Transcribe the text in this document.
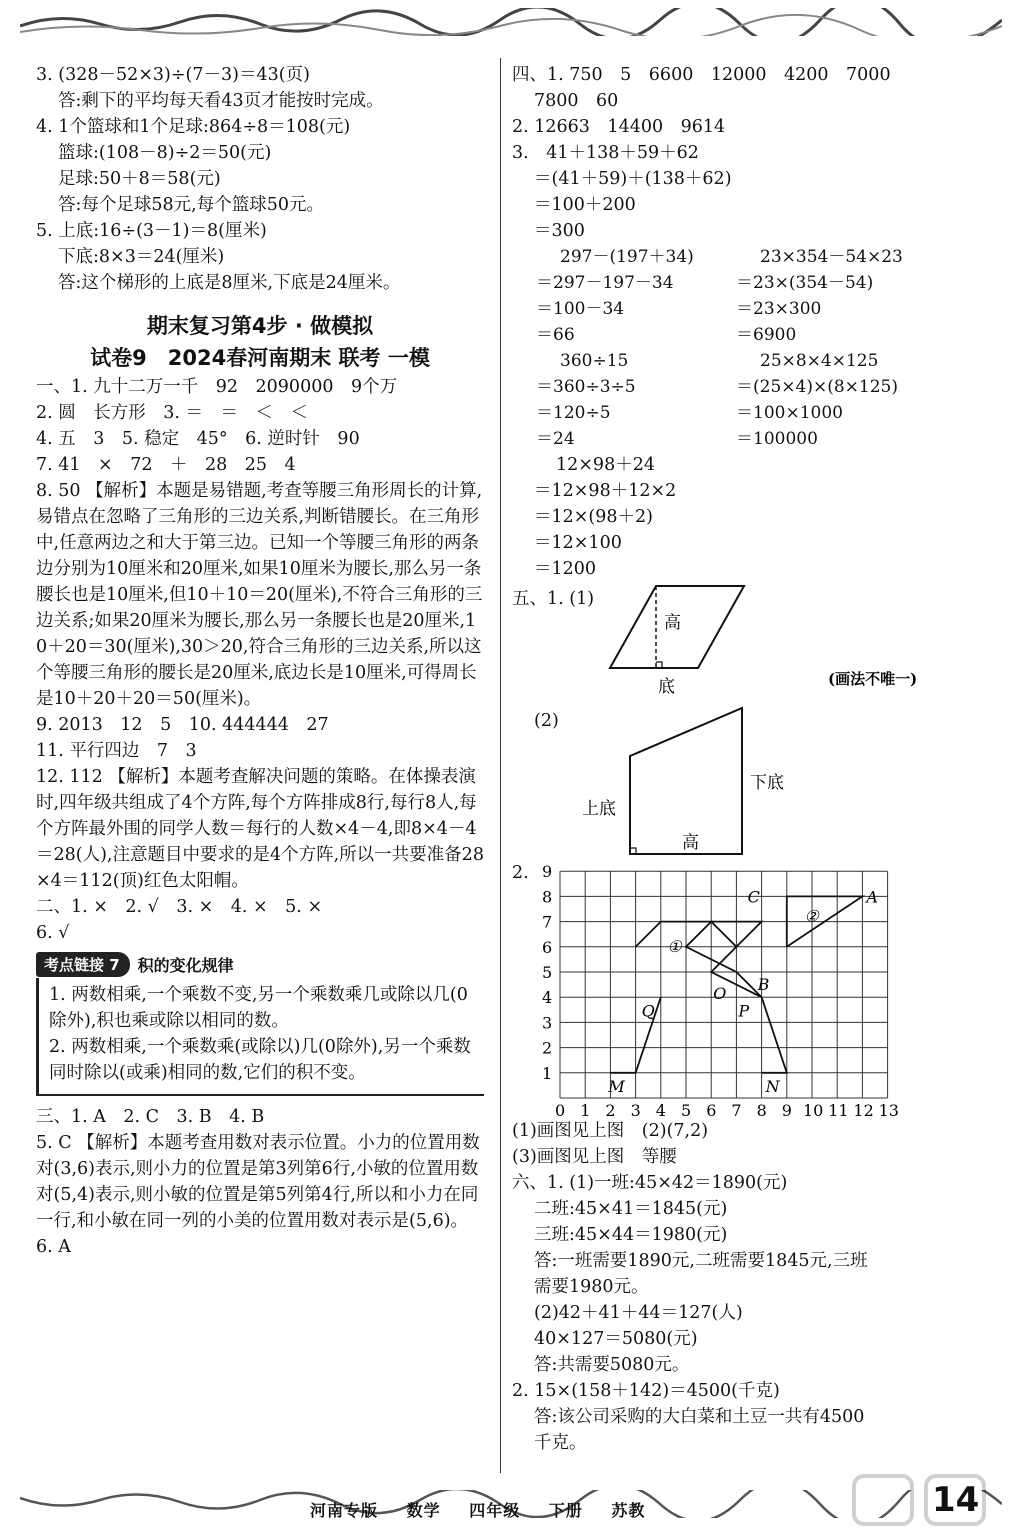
3. (328－52×3)÷(7－3)＝43(页)
答:剩下的平均每天看43页才能按时完成。
4. 1个篮球和1个足球:864÷8＝108(元)
篮球:(108－8)÷2＝50(元)
足球:50＋8＝58(元)
答:每个足球58元,每个篮球50元。
5. 上底:16÷(3－1)＝8(厘米)
下底:8×3＝24(厘米)
答:这个梯形的上底是8厘米,下底是24厘米。
期末复习第4步 · 做模拟
试卷9　2024春河南期末 联考 一模
一、1. 九十二万一千　92　2090000　9个万
2. 圆　长方形　3. ＝　＝　＜　＜
4. 五　3　5. 稳定　45°　6. 逆时针　90
7. 41　×　72　＋　28　25　4
8. 50 【解析】本题是易错题,考查等腰三角形周长的计算,易错点在忽略了三角形的三边关系,判断错腰长。在三角形中,任意两边之和大于第三边。已知一个等腰三角形的两条边分别为10厘米和20厘米,如果10厘米为腰长,那么另一条腰长也是10厘米,但10＋10＝20(厘米),不符合三角形的三边关系;如果20厘米为腰长,那么另一条腰长也是20厘米,10＋20＝30(厘米),30＞20,符合三角形的三边关系,所以这个等腰三角形的腰长是20厘米,底边长是10厘米,可得周长是10＋20＋20＝50(厘米)。
9. 2013　12　5　10. 444444　27
11. 平行四边　7　3
12. 112 【解析】本题考查解决问题的策略。在体操表演时,四年级共组成了4个方阵,每个方阵排成8行,每行8人,每个方阵最外围的同学人数＝每行的人数×4－4,即8×4－4＝28(人),注意题目中要求的是4个方阵,所以一共要准备28×4＝112(顶)红色太阳帽。
二、1. ×　2. √　3. ×　4. ×　5. ×
6. √
考点链接 7	积的变化规律
1. 两数相乘,一个乘数不变,另一个乘数乘几或除以几(0除外),积也乘或除以相同的数。
2. 两数相乘,一个乘数乘(或除以)几(0除外),另一个乘数同时除以(或乘)相同的数,它们的积不变。
三、1. A　2. C　3. B　4. B
5. C 【解析】本题考查用数对表示位置。小力的位置用数对(3,6)表示,则小力的位置是第3列第6行,小敏的位置用数对(5,4)表示,则小敏的位置是第5列第4行,所以和小力在同一行,和小敏在同一列的小美的位置用数对表示是(5,6)。
6. A
四、1. 750　5　6600　12000　4200　7000
7800　60
2. 12663　14400　9614
3.　41＋138＋59＋62
＝(41＋59)＋(138＋62)
＝100＋200
＝300
297－(197＋34)	23×354－54×23
＝297－197－34	＝23×(354－54)
＝100－34	＝23×300
＝66	＝6900
360÷15	25×8×4×125
＝360÷3÷5	＝(25×4)×(8×125)
＝120÷5	＝100×1000
＝24	＝100000
12×98＋24
＝12×98＋12×2
＝12×(98＋2)
＝12×100
＝1200
五、1. (1)
高
底	(画法不唯一)
(2)
上底
下底
高
2.
0 1 2 3 4 5 6 7 8 9 10 11 12 13
1
2
3
4
5
6
7
8
9
C	A
B
O
Q	P
M	N
①
②
(1)画图见上图　(2)(7,2)
(3)画图见上图　等腰
六、1. (1)一班:45×42＝1890(元)
二班:45×41＝1845(元)
三班:45×44＝1980(元)
答:一班需要1890元,二班需要1845元,三班
需要1980元。
(2)42＋41＋44＝127(人)
40×127＝5080(元)
答:共需要5080元。
2. 15×(158＋142)＝4500(千克)
答:该公司采购的大白菜和土豆一共有4500
千克。
河南专版 数学 四年级 下册 苏教	14
